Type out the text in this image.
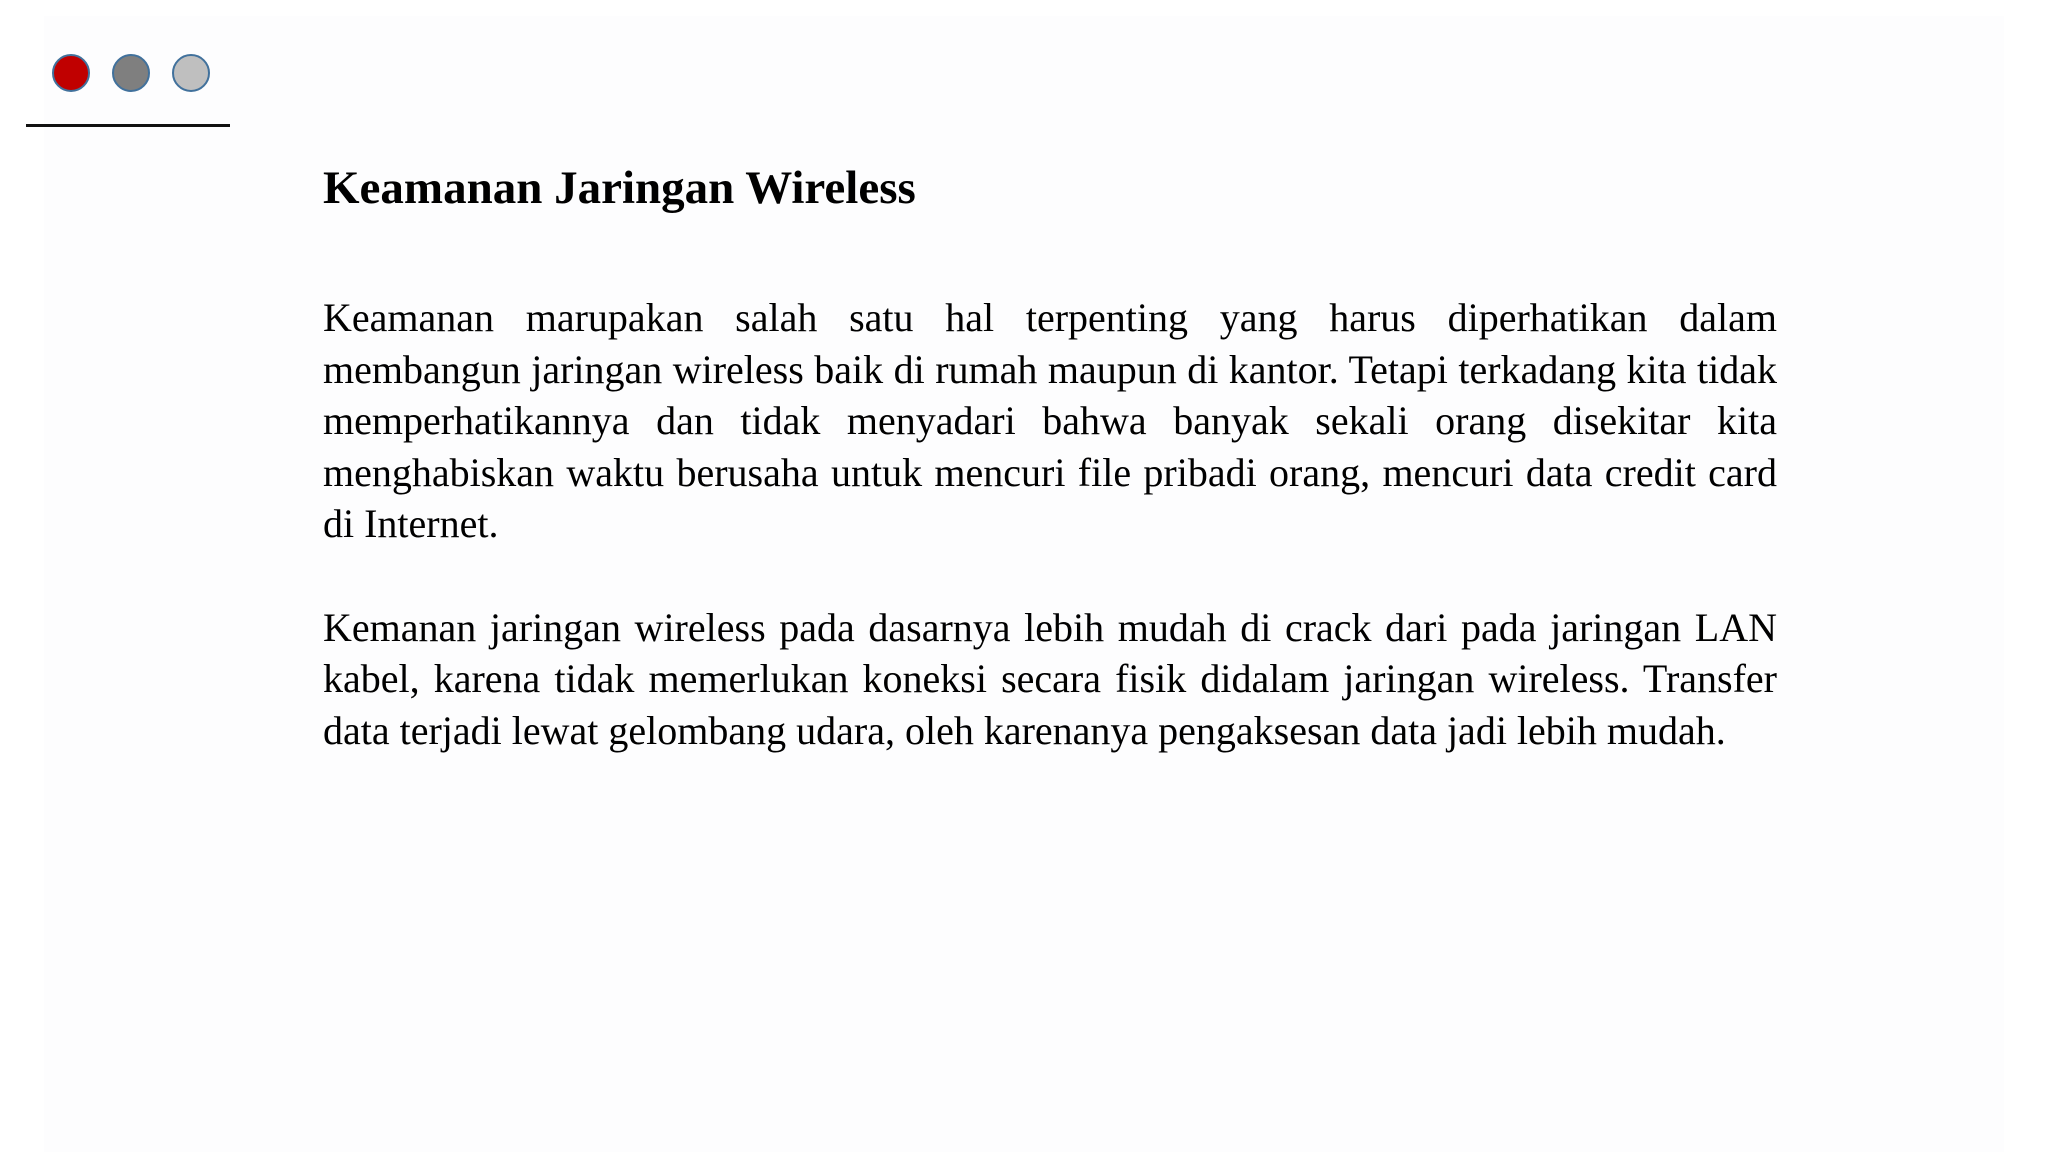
Keamanan Jaringan Wireless

Keamanan marupakan salah satu hal terpenting yang harus diperhatikan dalam membangun jaringan wireless baik di rumah maupun di kantor. Tetapi terkadang kita tidak memperhatikannya dan tidak menyadari bahwa banyak sekali orang disekitar kita menghabiskan waktu berusaha untuk mencuri file pribadi orang, mencuri data credit card di Internet.

Kemanan jaringan wireless pada dasarnya lebih mudah di crack dari pada jaringan LAN kabel, karena tidak memerlukan koneksi secara fisik didalam jaringan wireless. Transfer data terjadi lewat gelombang udara, oleh karenanya pengaksesan data jadi lebih mudah.
